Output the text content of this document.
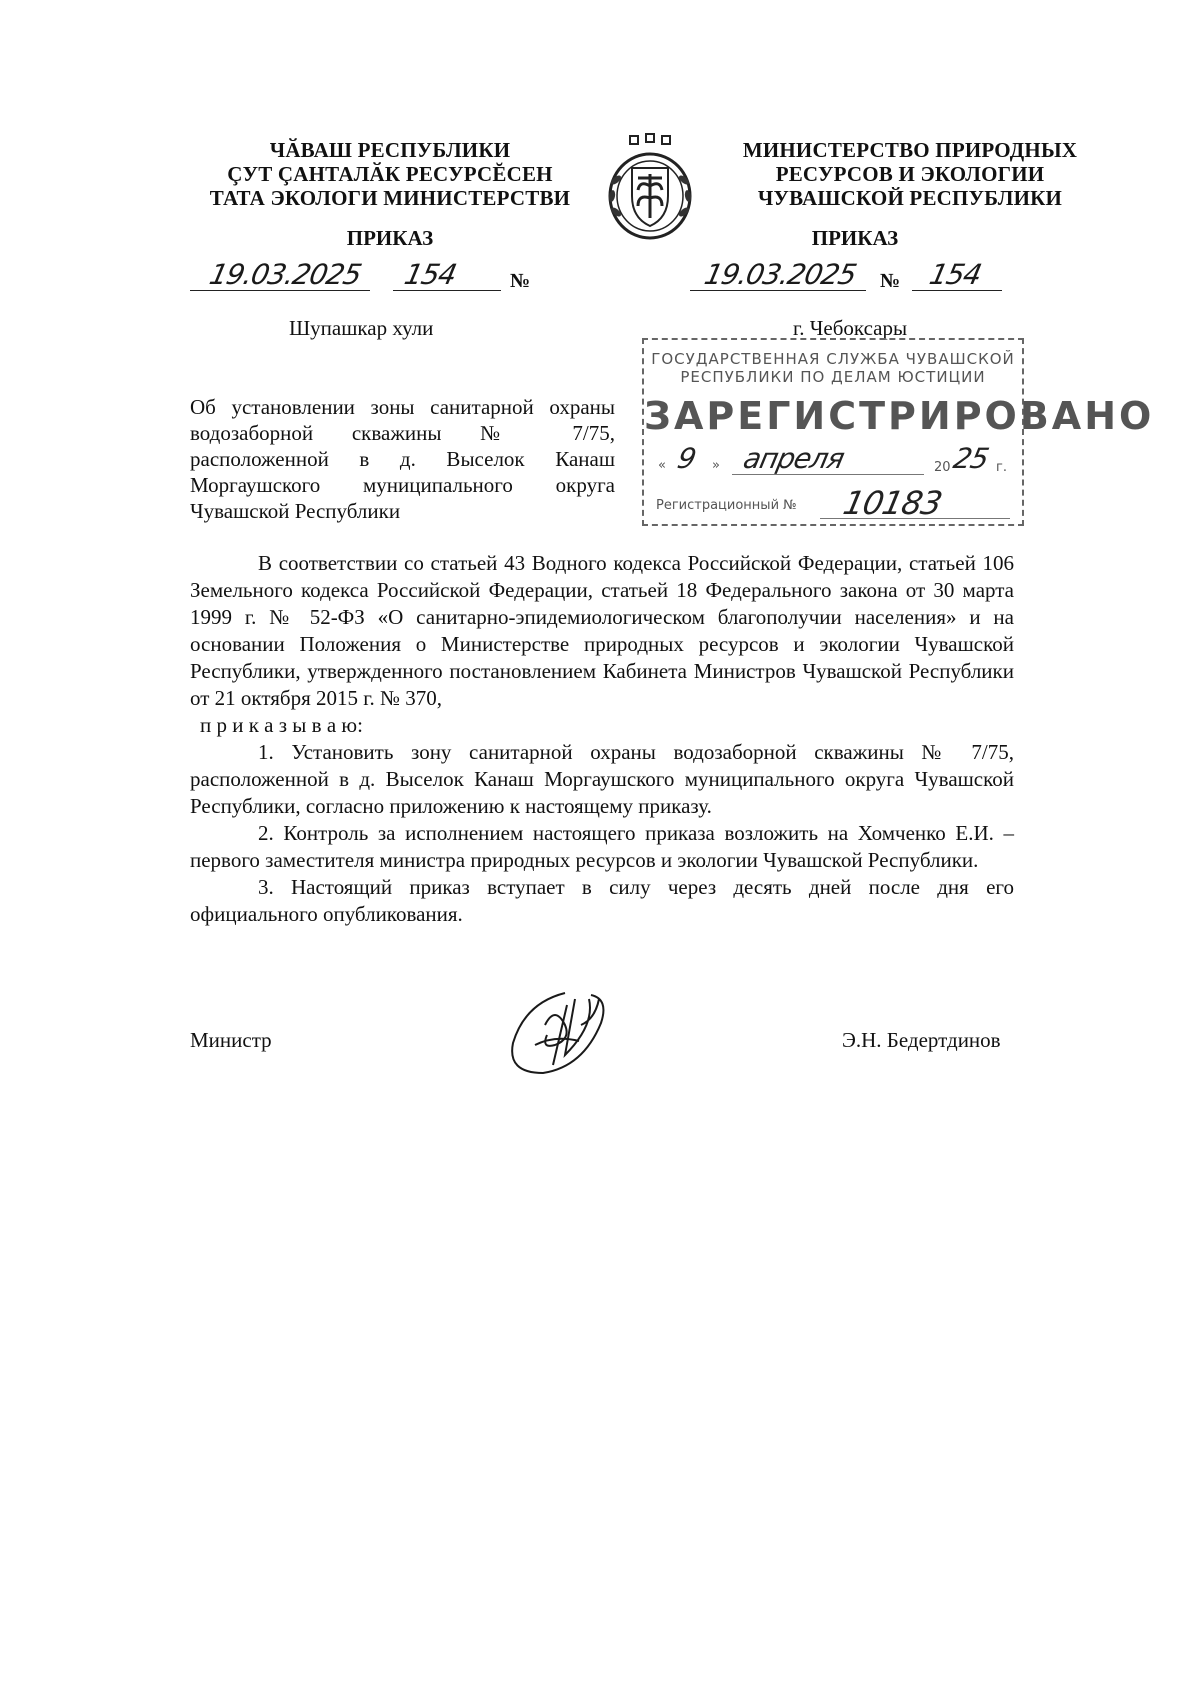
ЧӐВАШ РЕСПУБЛИКИ
ÇУТ ÇАНТАЛӐК РЕСУРСĔСЕН
ТАТА ЭКОЛОГИ МИНИСТЕРСТВИ
МИНИСТЕРСТВО ПРИРОДНЫХ
РЕСУРСОВ И ЭКОЛОГИИ
ЧУВАШСКОЙ РЕСПУБЛИКИ
ПРИКАЗ	ПРИКАЗ
19.03.2025 154	№	19.03.2025 № 154
Шупашкар хули	г. Чебоксары
ГОСУДАРСТВЕННАЯ СЛУЖБА ЧУВАШСКОЙ
РЕСПУБЛИКИ ПО ДЕЛАМ ЮСТИЦИИ
ЗАРЕГИСТРИРОВАНО
« 9 » апреля	20 25 г.
Регистрационный № 10183
Об установлении зоны санитарной охраны водозаборной скважины № 7/75, расположенной в д. Выселок Канаш Моргаушского муниципального округа Чувашской Республики

В соответствии со статьей 43 Водного кодекса Российской Федерации, статьей 106 Земельного кодекса Российской Федерации, статьей 18 Федерального закона от 30 марта 1999 г. № 52-ФЗ «О санитарно-эпидемиологическом благополучии населения» и на основании Положения о Министерстве природных ресурсов и экологии Чувашской Республики, утвержденного постановлением Кабинета Министров Чувашской Республики от 21 октября 2015 г. № 370,

п р и к а з ы в а ю:

1. Установить зону санитарной охраны водозаборной скважины № 7/75, расположенной в д. Выселок Канаш Моргаушского муниципального округа Чувашской Республики, согласно приложению к настоящему приказу.

2. Контроль за исполнением настоящего приказа возложить на Хомченко Е.И. – первого заместителя министра природных ресурсов и экологии Чувашской Республики.

3. Настоящий приказ вступает в силу через десять дней после дня его официального опубликования.

Министр	Э.Н. Бедертдинов
